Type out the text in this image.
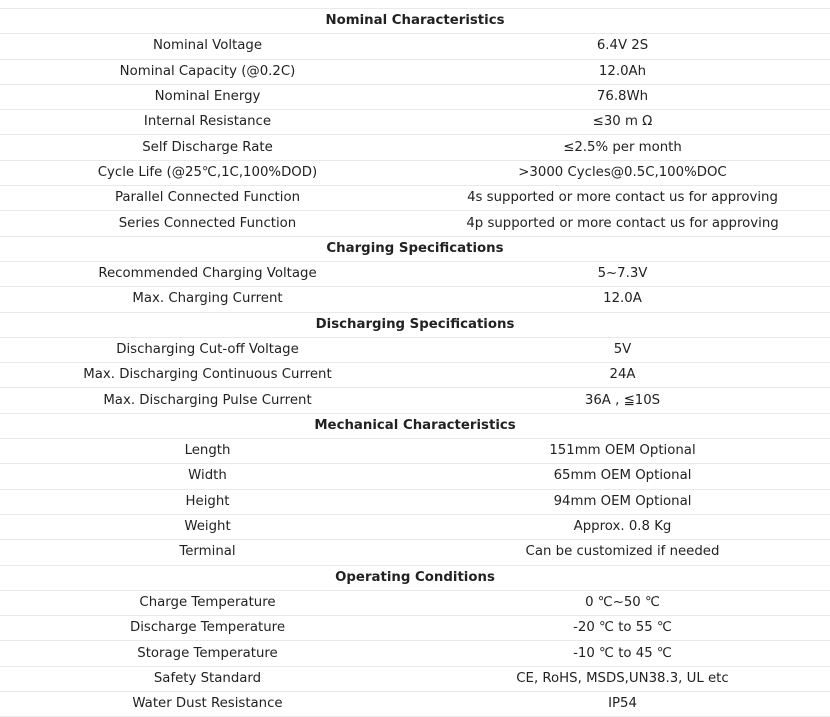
Nominal Characteristics	
Nominal Voltage	6.4V 2S
Nominal Capacity (@0.2C)	12.0Ah
Nominal Energy	76.8Wh
Internal Resistance	≤30 m Ω
Self Discharge Rate	≤2.5% per month
Cycle Life (@25℃,1C,100%DOD)	>3000 Cycles@0.5C,100%DOC
Parallel Connected Function	4s supported or more contact us for approving
Series Connected Function	4p supported or more contact us for approving
Charging Specifications	
Recommended Charging Voltage	5~7.3V
Max. Charging Current	12.0A
Discharging Specifications	
Discharging Cut-off Voltage	5V
Max. Discharging Continuous Current	24A
Max. Discharging Pulse Current	36A , ≦10S
Mechanical Characteristics	
Length	151mm OEM Optional
Width	65mm OEM Optional
Height	94mm OEM Optional
Weight	Approx. 0.8 Kg
Terminal	Can be customized if needed
Operating Conditions	
Charge Temperature	0 ℃~50 ℃
Discharge Temperature	-20 ℃ to 55 ℃
Storage Temperature	-10 ℃ to 45 ℃
Safety Standard	CE, RoHS, MSDS,UN38.3, UL etc
Water Dust Resistance	IP54
